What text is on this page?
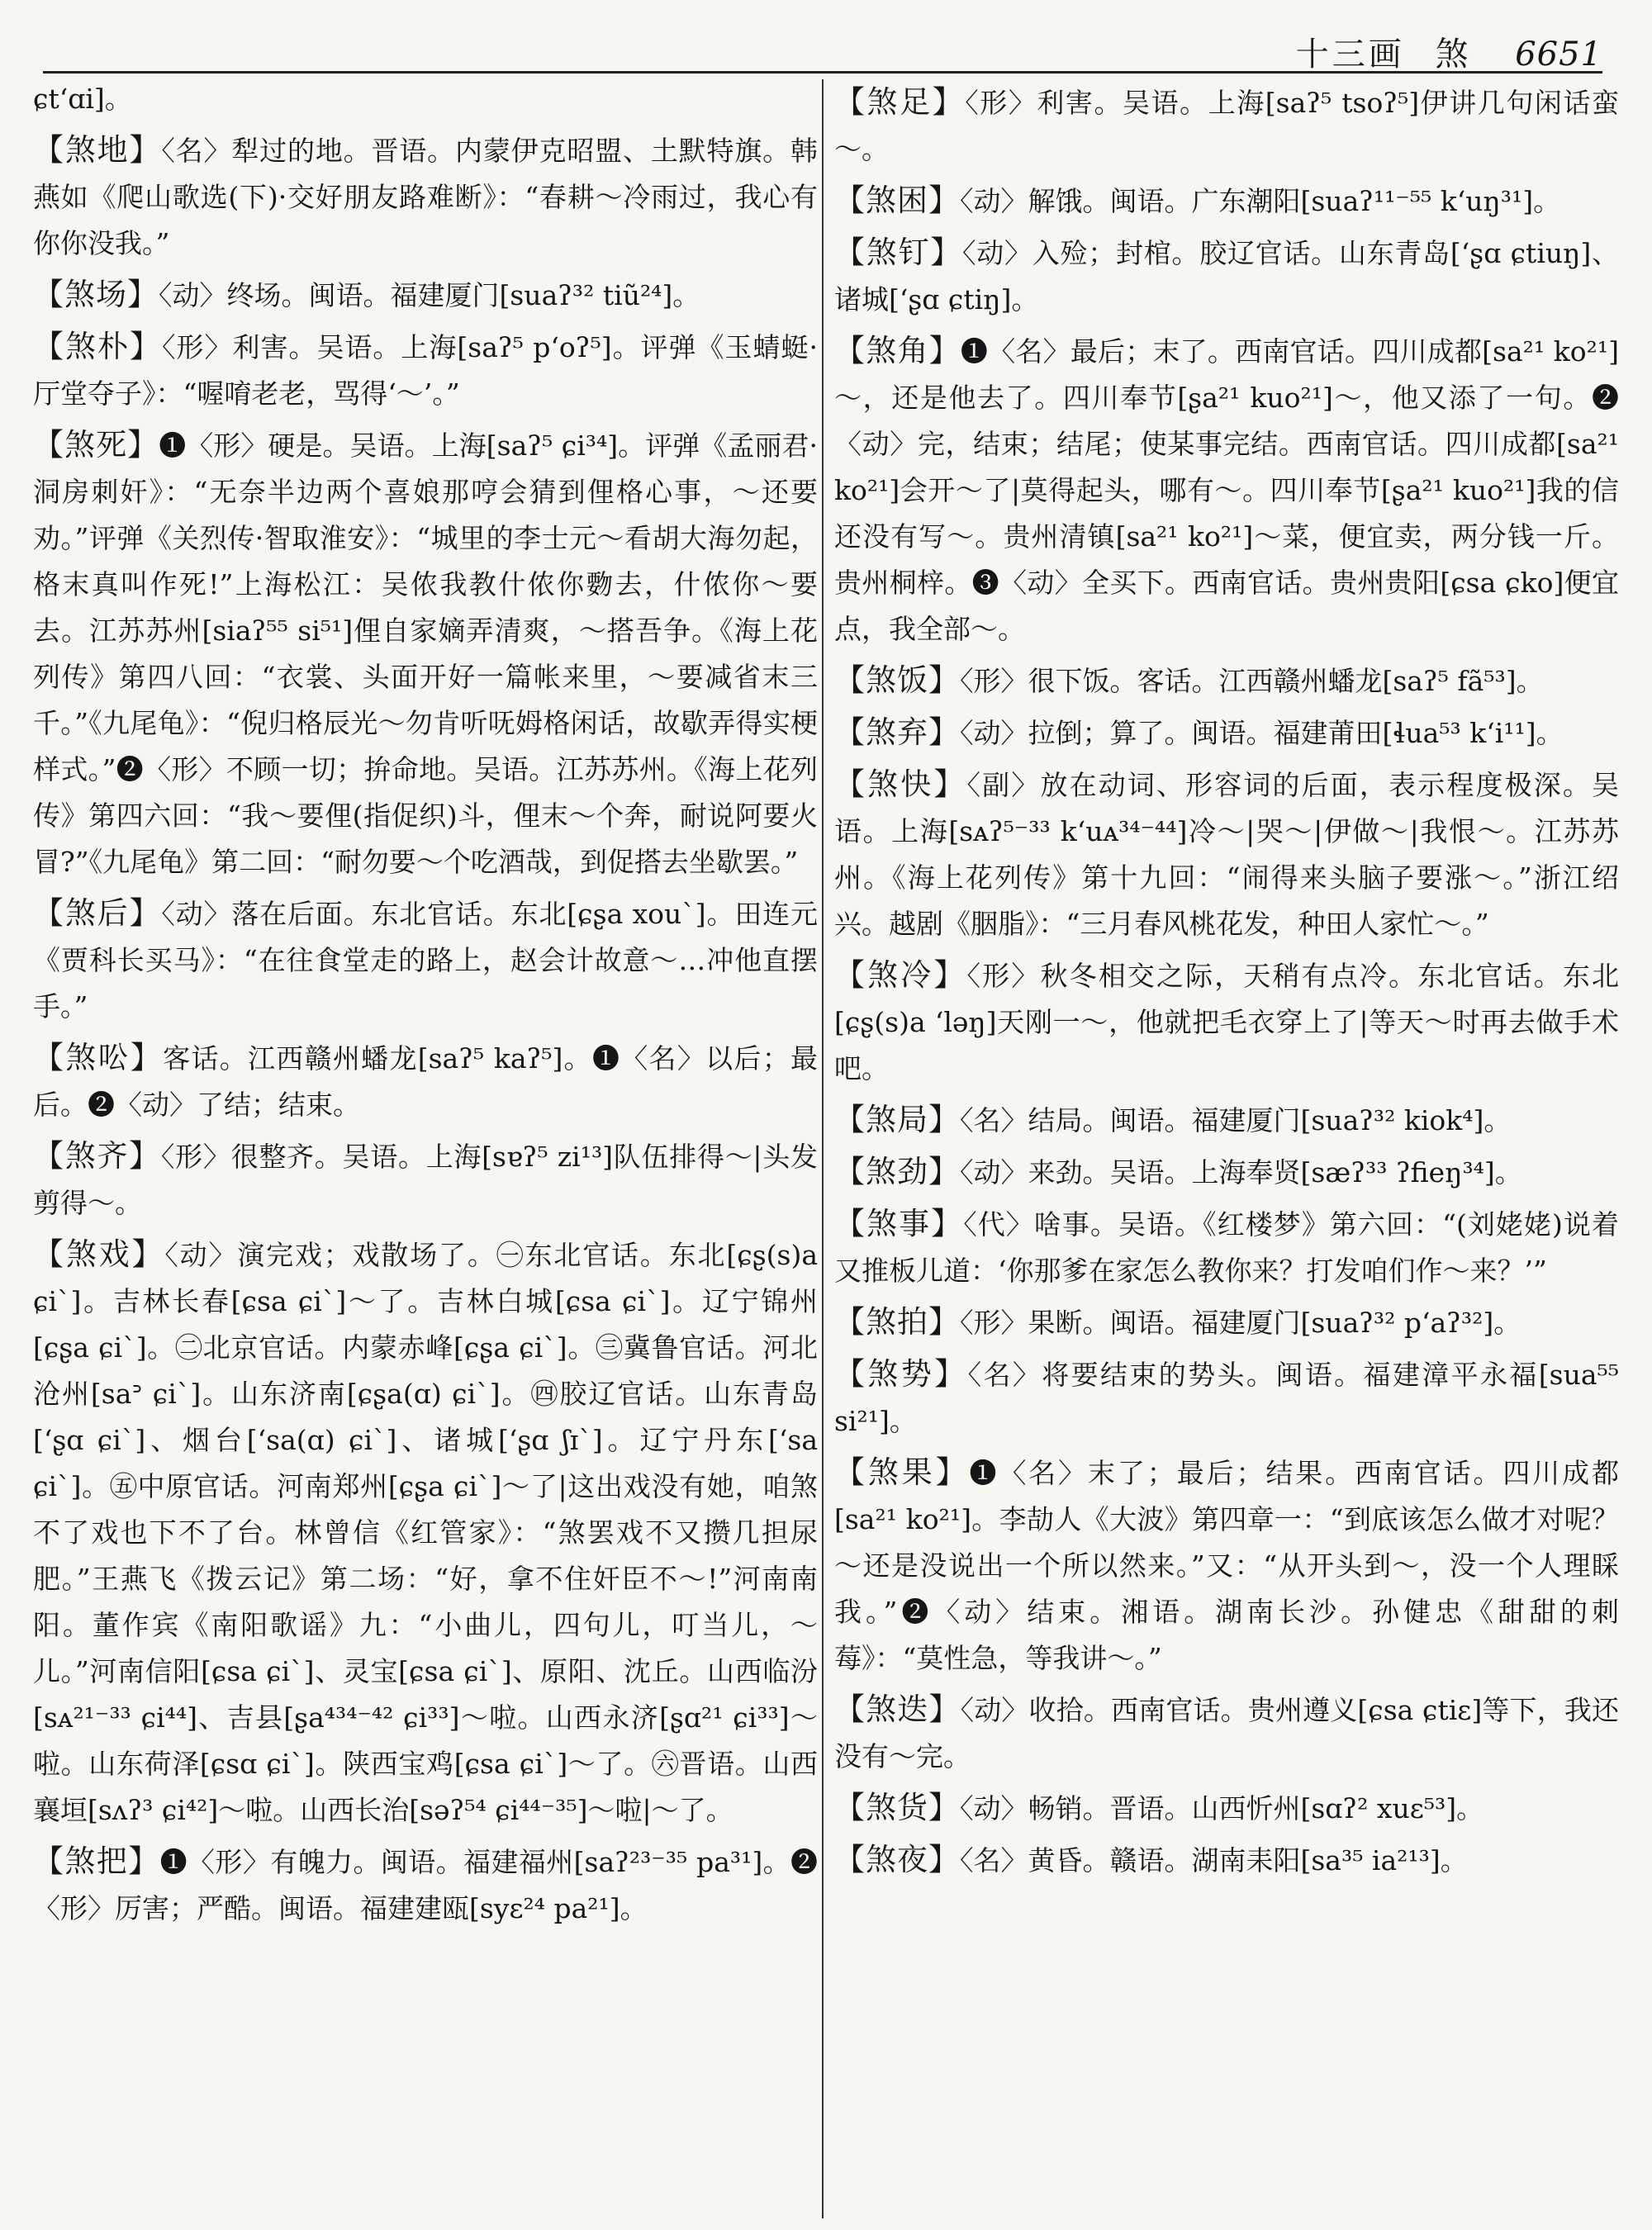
十三画 煞 6651

ɕt‘ɑi]。

【煞地】〈名〉犁过的地。晋语。内蒙伊克昭盟、土默特旗。韩燕如《爬山歌选(下)·交好朋友路难断》：“春耕～冷雨过，我心有你你没我。”

【煞场】〈动〉终场。闽语。福建厦门[suaʔ³² tiũ²⁴]。

【煞朴】〈形〉利害。吴语。上海[saʔ⁵ p‘oʔ⁵]。评弹《玉蜻蜓·厅堂夺子》：“喔唷老老，骂得‘～’。”

【煞死】❶〈形〉硬是。吴语。上海[saʔ⁵ ɕi³⁴]。评弹《孟丽君·洞房刺奸》：“无奈半边两个喜娘那哼会猜到俚格心事，～还要劝。”评弹《关烈传·智取淮安》：“城里的李士元～看胡大海勿起，格末真叫作死!”上海松江：吴侬我教什侬你覅去，什侬你～要去。江苏苏州[siaʔ⁵⁵ si⁵¹]俚自家嫡弄清爽，～搭吾争。《海上花列传》第四八回：“衣裳、头面开好一篇帐来里，～要减省末三千。”《九尾龟》：“倪归格辰光～勿肯听呒姆格闲话，故歇弄得实梗样式。”❷〈形〉不顾一切；拚命地。吴语。江苏苏州。《海上花列传》第四六回：“我～要俚(指促织)斗，俚末～个奔，耐说阿要火冒?”《九尾龟》第二回：“耐勿要～个吃酒哉，到促搭去坐歇罢。”

【煞后】〈动〉落在后面。东北官话。东北[ɕʂa xou`]。田连元《贾科长买马》：“在往食堂走的路上，赵会计故意～…冲他直摆手。”

【煞㕬】客话。江西赣州蟠龙[saʔ⁵ kaʔ⁵]。❶〈名〉以后；最后。❷〈动〉了结；结束。

【煞齐】〈形〉很整齐。吴语。上海[sɐʔ⁵ zi¹³]队伍排得～|头发剪得～。

【煞戏】〈动〉演完戏；戏散场了。㊀东北官话。东北[ɕʂ(s)a ɕi`]。吉林长春[ɕsa ɕi`]～了。吉林白城[ɕsa ɕi`]。辽宁锦州[ɕʂa ɕi`]。㊁北京官话。内蒙赤峰[ɕʂa ɕi`]。㊂冀鲁官话。河北沧州[saᐣ ɕi`]。山东济南[ɕʂa(ɑ) ɕi`]。㊃胶辽官话。山东青岛[‘ʂɑ ɕi`]、烟台[‘sa(ɑ) ɕi`]、诸城[‘ʂɑ ʃɪ`]。辽宁丹东[‘sa ɕi`]。㊄中原官话。河南郑州[ɕʂa ɕi`]～了|这出戏没有她，咱煞不了戏也下不了台。林曾信《红管家》：“煞罢戏不又攒几担尿肥。”王燕飞《拨云记》第二场：“好，拿不住奸臣不～!”河南南阳。董作宾《南阳歌谣》九：“小曲儿，四句儿，叮当儿，～儿。”河南信阳[ɕsa ɕi`]、灵宝[ɕsa ɕi`]、原阳、沈丘。山西临汾[sᴀ²¹⁻³³ ɕi⁴⁴]、吉县[ʂa⁴³⁴⁻⁴² ɕi³³]～啦。山西永济[ʂɑ²¹ ɕi³³]～啦。山东荷泽[ɕsɑ ɕi`]。陕西宝鸡[ɕsa ɕi`]～了。㊅晋语。山西襄垣[sʌʔ³ ɕi⁴²]～啦。山西长治[səʔ⁵⁴ ɕi⁴⁴⁻³⁵]～啦|～了。

【煞把】❶〈形〉有魄力。闽语。福建福州[saʔ²³⁻³⁵ pa³¹]。❷〈形〉厉害；严酷。闽语。福建建瓯[syɛ²⁴ pa²¹]。

【煞足】〈形〉利害。吴语。上海[saʔ⁵ tsoʔ⁵]伊讲几句闲话蛮～。

【煞困】〈动〉解饿。闽语。广东潮阳[suaʔ¹¹⁻⁵⁵ k‘uŋ³¹]。

【煞钉】〈动〉入殓；封棺。胶辽官话。山东青岛[‘ʂɑ ɕtiuŋ]、诸城[‘ʂɑ ɕtiŋ]。

【煞角】❶〈名〉最后；末了。西南官话。四川成都[sa²¹ ko²¹]～，还是他去了。四川奉节[ʂa²¹ kuo²¹]～，他又添了一句。❷〈动〉完，结束；结尾；使某事完结。西南官话。四川成都[sa²¹ ko²¹]会开～了|莫得起头，哪有～。四川奉节[ʂa²¹ kuo²¹]我的信还没有写～。贵州清镇[sa²¹ ko²¹]～菜，便宜卖，两分钱一斤。贵州桐梓。❸〈动〉全买下。西南官话。贵州贵阳[ɕsa ɕko]便宜点，我全部～。

【煞饭】〈形〉很下饭。客话。江西赣州蟠龙[saʔ⁵ fã⁵³]。

【煞弃】〈动〉拉倒；算了。闽语。福建莆田[ɬua⁵³ k‘i¹¹]。

【煞快】〈副〉放在动词、形容词的后面，表示程度极深。吴语。上海[sᴀʔ⁵⁻³³ k‘uᴀ³⁴⁻⁴⁴]冷～|哭～|伊做～|我恨～。江苏苏州。《海上花列传》第十九回：“闹得来头脑子要涨～。”浙江绍兴。越剧《胭脂》：“三月春风桃花发，种田人家忙～。”

【煞冷】〈形〉秋冬相交之际，天稍有点冷。东北官话。东北[ɕʂ(s)a ‘ləŋ]天刚一～，他就把毛衣穿上了|等天～时再去做手术吧。

【煞局】〈名〉结局。闽语。福建厦门[suaʔ³² kiok⁴]。

【煞劲】〈动〉来劲。吴语。上海奉贤[sæʔ³³ ʔfieŋ³⁴]。

【煞事】〈代〉啥事。吴语。《红楼梦》第六回：“(刘姥姥)说着又推板儿道：‘你那爹在家怎么教你来？打发咱们作～来？’”

【煞拍】〈形〉果断。闽语。福建厦门[suaʔ³² p‘aʔ³²]。

【煞势】〈名〉将要结束的势头。闽语。福建漳平永福[sua⁵⁵ si²¹]。

【煞果】❶〈名〉末了；最后；结果。西南官话。四川成都[sa²¹ ko²¹]。李劼人《大波》第四章一：“到底该怎么做才对呢？～还是没说出一个所以然来。”又：“从开头到～，没一个人理睬我。”❷〈动〉结束。湘语。湖南长沙。孙健忠《甜甜的刺莓》：“莫性急，等我讲～。”

【煞迭】〈动〉收拾。西南官话。贵州遵义[ɕsa ɕtiɛ]等下，我还没有～完。

【煞货】〈动〉畅销。晋语。山西忻州[sɑʔ² xuɛ⁵³]。

【煞夜】〈名〉黄昏。赣语。湖南耒阳[sa³⁵ ia²¹³]。
